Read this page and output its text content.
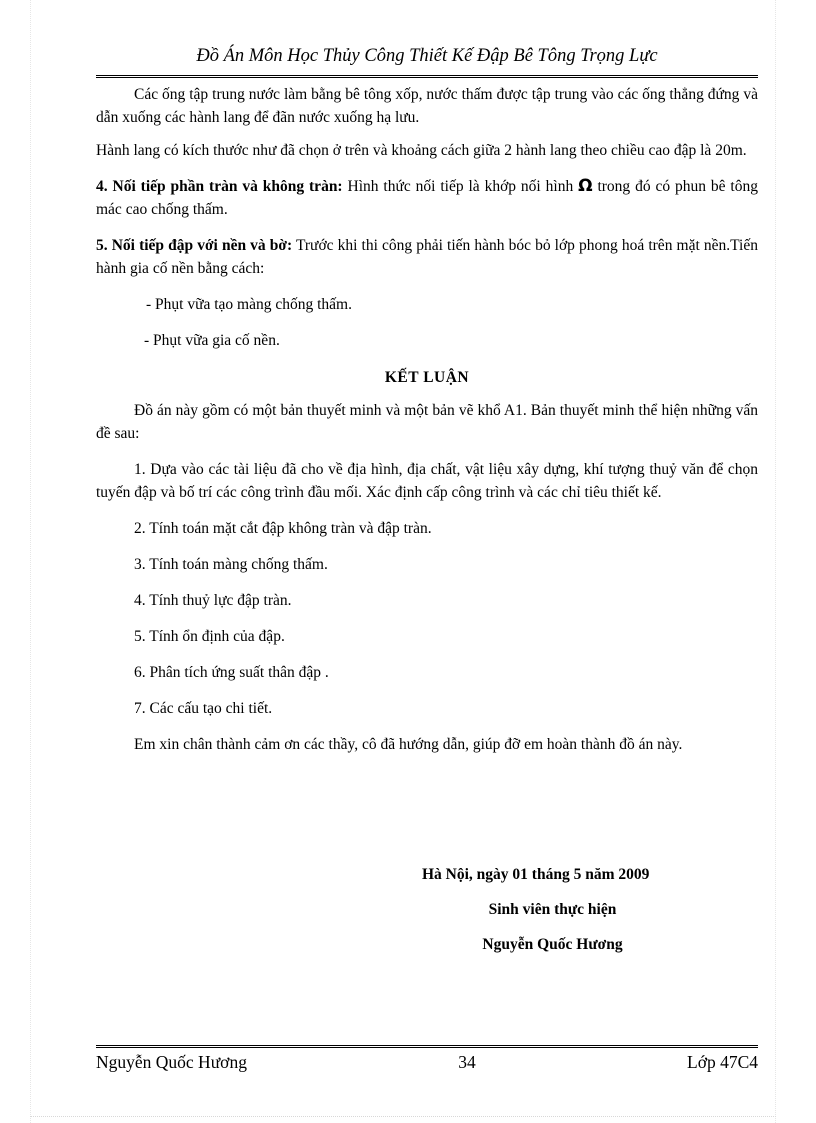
Đồ Án Môn Học Thủy Công Thiết Kế Đập Bê Tông Trọng Lực

Các ống tập trung nước làm bằng bê tông xốp, nước thấm được tập trung vào các ống thẳng đứng và dẫn xuống các hành lang để đãn nước xuống hạ lưu.

Hành lang có kích thước như đã chọn ở trên và khoảng cách giữa 2 hành lang theo chiều cao đập là 20m.

4. Nối tiếp phần tràn và không tràn: Hình thức nối tiếp là khớp nối hình Ω trong đó có phun bê tông mác cao chống thấm.

5. Nối tiếp đập với nền và bờ: Trước khi thi công phải tiến hành bóc bỏ lớp phong hoá trên mặt nền.Tiến hành gia cố nền bằng cách:

- Phụt vữa tạo màng chống thấm.

- Phụt vữa gia cố nền.

KẾT LUẬN

Đồ án này gồm có một bản thuyết minh và một bản vẽ khổ A1. Bản thuyết minh thể hiện những vấn đề sau:

1. Dựa vào các tài liệu đã cho về địa hình, địa chất, vật liệu xây dựng, khí tượng thuỷ văn để chọn tuyến đập và bố trí các công trình đầu mối. Xác định cấp công trình và các chỉ tiêu thiết kế.

2. Tính toán mặt cắt đập không tràn và đập tràn.

3. Tính toán màng chống thấm.

4. Tính thuỷ lực đập tràn.

5. Tính ổn định của đập.

6. Phân tích ứng suất thân đập .

7. Các cấu tạo chi tiết.

Em xin chân thành cảm ơn các thầy, cô đã hướng dẫn, giúp đỡ em hoàn thành đồ án này.

Hà Nội, ngày 01 tháng 5 năm 2009
Sinh viên thực hiện
Nguyễn Quốc Hương
Nguyễn Quốc Hương	34	Lớp 47C4
